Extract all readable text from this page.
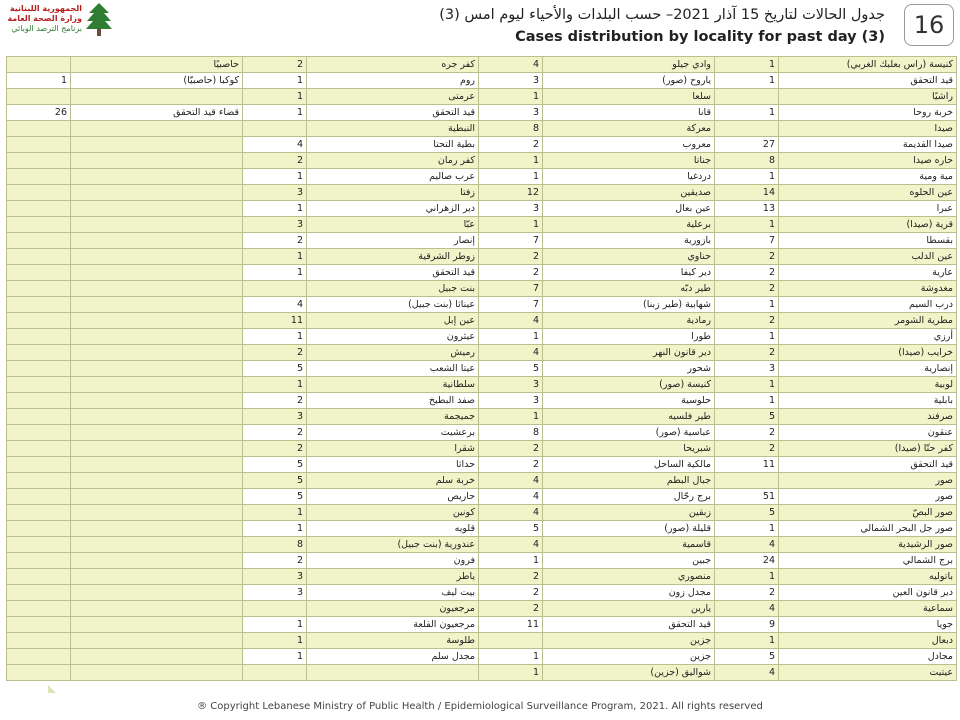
الجمهورية اللبنانية
وزارة الصحة العامة
برنامج الترصد الوبائي
جدول الحالات لتاريخ 15 آذار 2021– حسب البلدات والأحياء ليوم امس (3)
Cases distribution by locality for past day (3)	16
	حاصبيًا	2	كفر جره	4	وادي جيلو	1	كنيسة (راس بعلبك الغربي)
1	كوكبا (حاصبيّا)	1	روم	3	ياروح (صور)	1	قيد التحقق
		1	عرمتى	1	سلعا		راشيًا
26	قضاء قيد التحقق	1	قيد التحقق	3	قانا	1	خربة روحا
			النبطية	8	معركة		صيدا
		4	بطية التحتا	2	معروب	27	صيدا القديمة
		2	كفر رمان	1	جناتا	8	حاره صيدا
		1	عرب صاليم	1	دردغيا	1	مية ومية
		3	زفتا	12	صديقين	14	عين الحلوه
		1	دير الزهراني	3	عين بعال	13	عبرا
		3	عبّا	1	برعلية	1	قرية (صيدا)
		2	إنصار	7	بازورية	7	بقسطا
		1	زوطر الشرقية	2	حناوي	2	عين الدلب
		1	قيد التحقق	2	دير كيفا	2	عارية
			بنت جبيل	7	طير دبّه	2	مغدوشة
		4	عيناثا (بنت جبيل)	7	شهابية (طير زبنا)	1	درب السيم
		11	عين إبل	4	رمادية	2	مطرية الشومر
		1	عيثرون	1	طورا	1	أرزي
		2	رميش	4	دير قانون النهر	2	خرايب (صيدا)
		5	عيتا الشعب	5	شحور	3	إنصارية
		1	سلطانية	3	كنيسة (صور)	1	لوبية
		2	صفد البطيخ	3	حلوسية	1	بابلية
		3	جميجمة	1	طير فلسيه	5	صرفند
		2	برعشيت	8	عباسية (صور)	2	عنقون
		2	شقرا	2	شبريحا	2	كفر حتّا (صيدا)
		5	حداثا	2	مالكية الساحل	11	قيد التحقق
		5	خربة سلم	4	جبال البطم		صور
		5	حاريص	4	برج رحّال	51	صور
		1	كونين	4	زبقين	5	صور البصّ
		1	قلويه	5	قليلة (صور)	1	صور جل البحر الشمالي
		8	عندورية (بنت جبيل)	4	قاسمية	4	صور الرشيدية
		2	فرون	1	جبين	24	برج الشمالي
		3	ياطر	2	منصوري	1	باتوليه
		3	بيت ليف	2	مجدل زون	2	دير قانون العين
			مرجعيون	2	يارين	4	سماعية
		1	مرجعيون القلعة	11	قيد التحقق	9	جويا
		1	طلوسة		جزين	1	دبعال
		1	مجدل سلم	1	جزين	5	مجادل
				1	شواليق (جزين)	4	عيتيت
® Copyright Lebanese Ministry of Public Health / Epidemiological Surveillance Program, 2021. All rights reserved
